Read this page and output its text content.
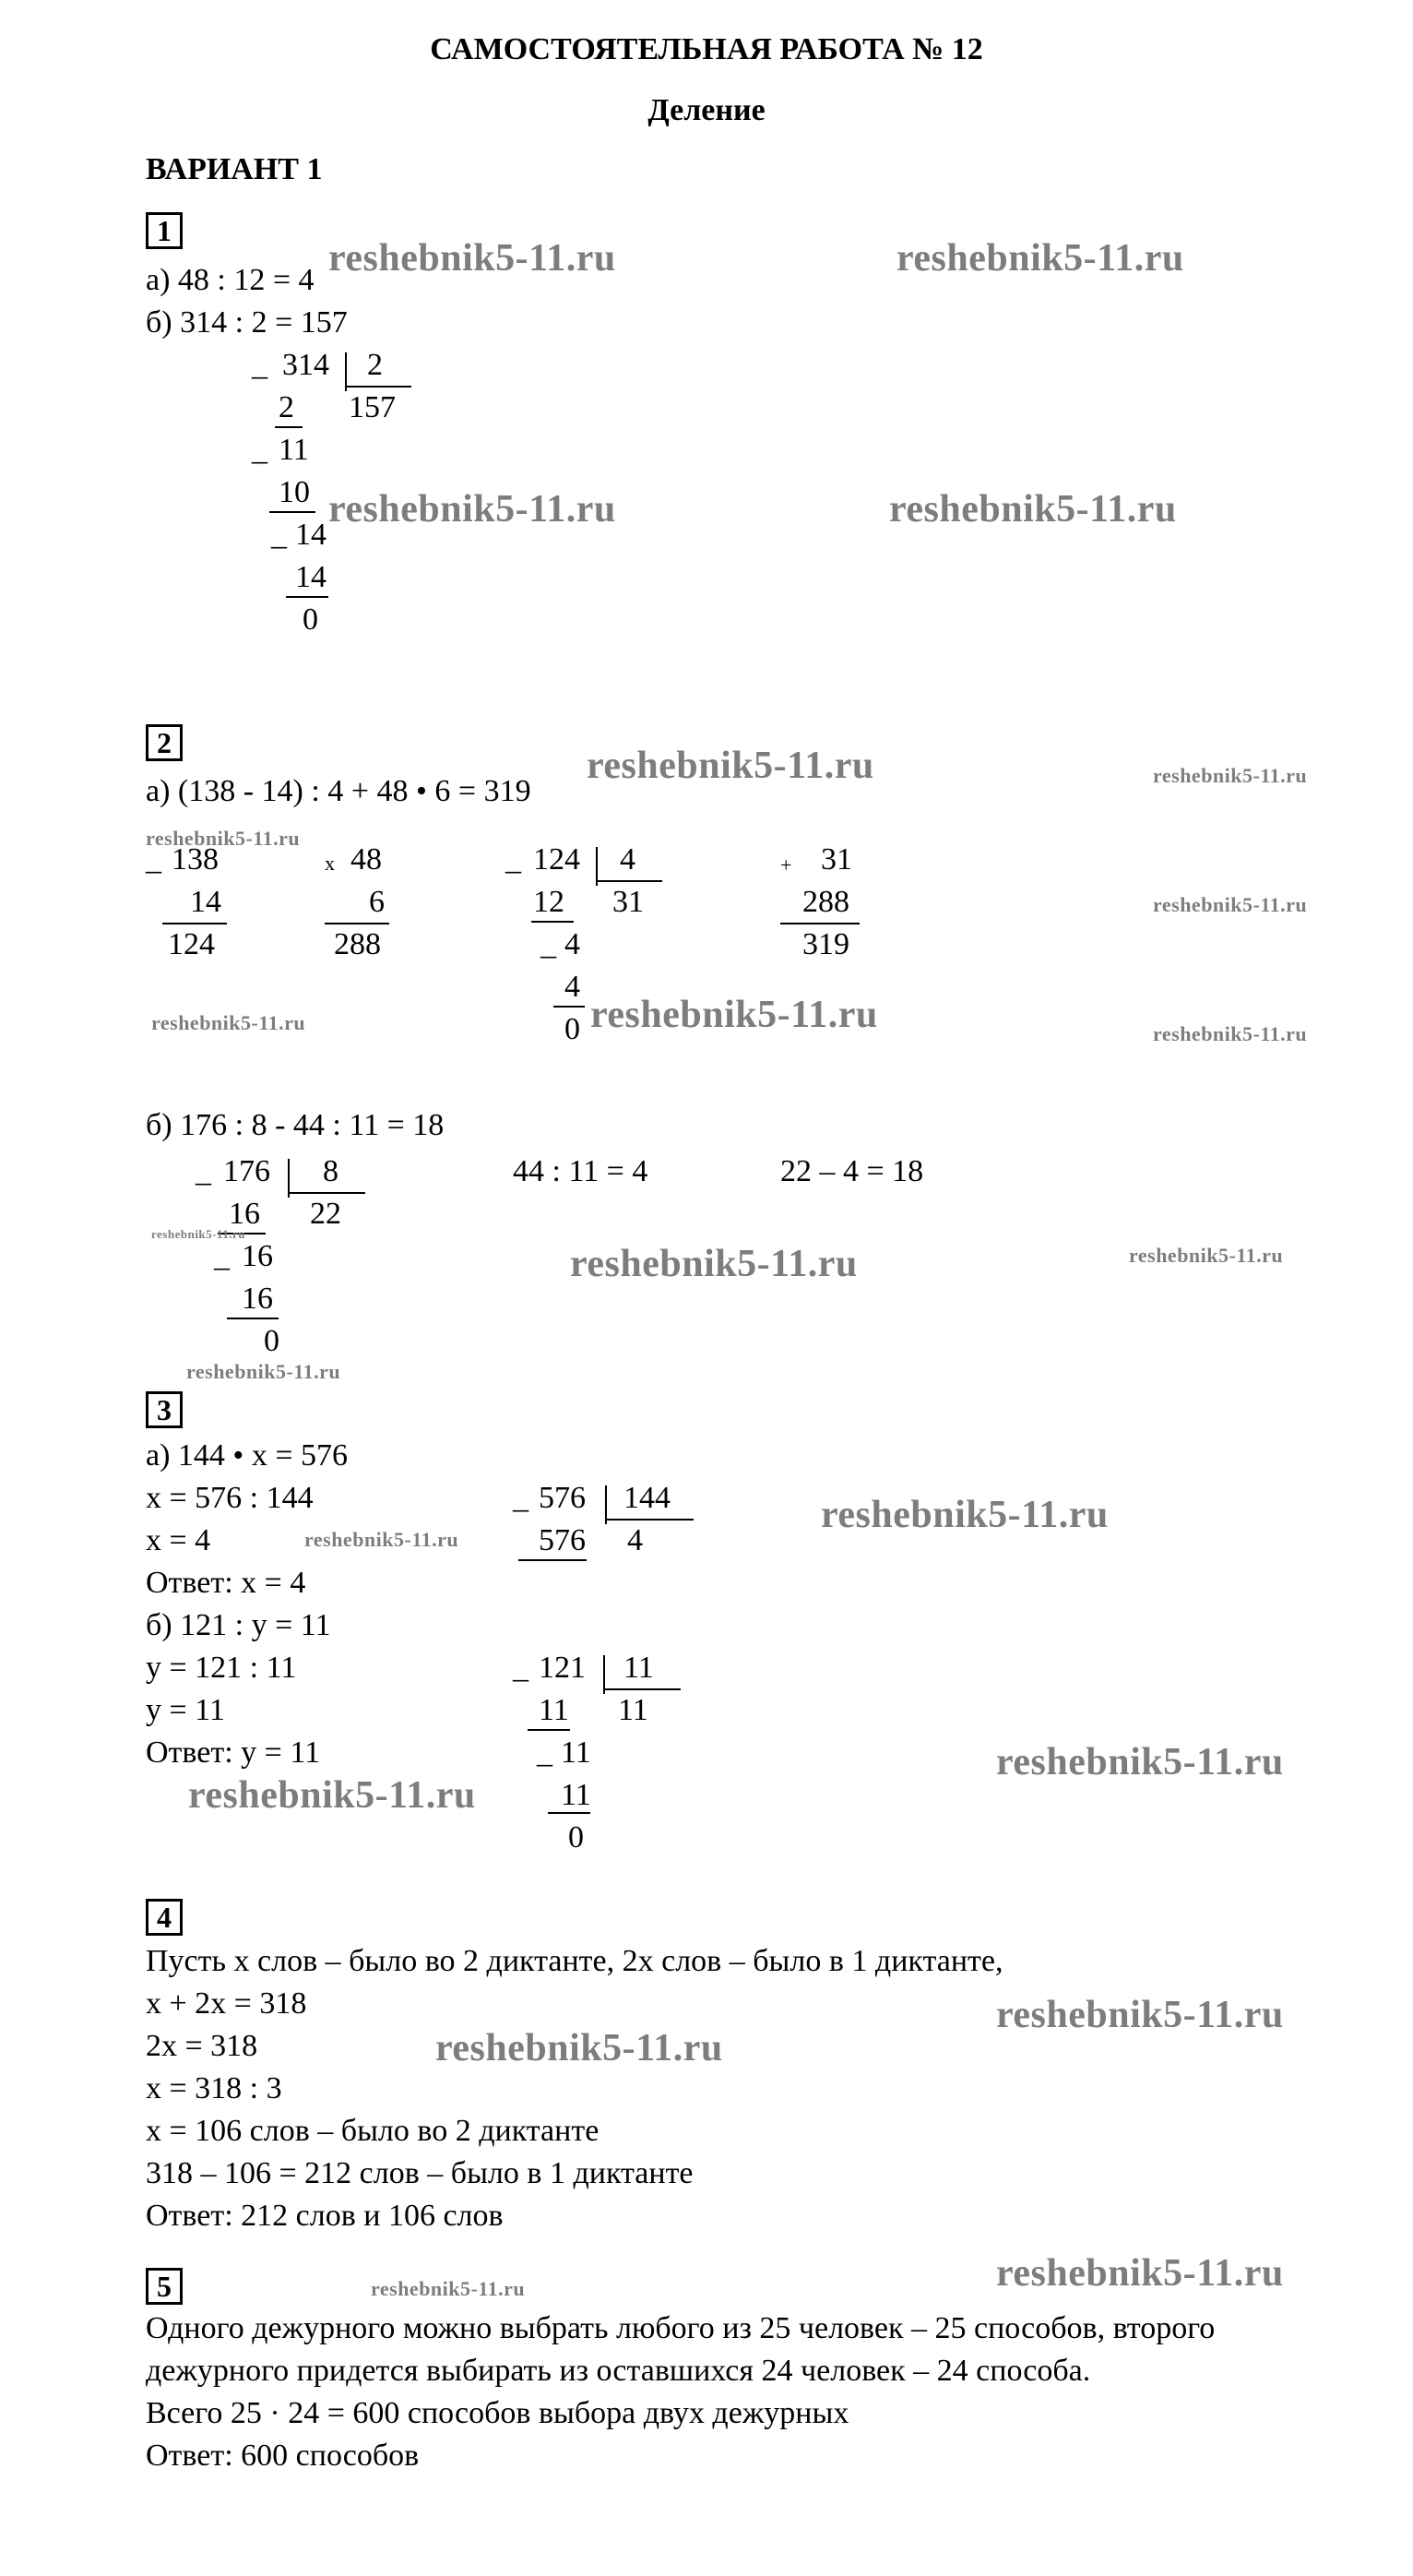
САМОСТОЯТЕЛЬНАЯ РАБОТА № 12
Деление
ВАРИАНТ 1
1
а) 48 : 12 = 4
б) 314 : 2 = 157
_ 314 2
157
2
_ 11
10
_ 14
14
0
2
а) (138 - 14) : 4 + 48 • 6 = 319
_ 138
14
124
x 48
6
288
_ 124 4
31
12
_ 4
4
0
+ 31
288
319
б) 176 : 8 - 44 : 11 = 18
_ 176 8
22
16
_ 16
16
0
44 : 11 = 4	22 – 4 = 18
3
а) 144 • x = 576
x = 576 : 144
x = 4
Ответ: x = 4
_ 576 144
4
576
б) 121 : y = 11
y = 121 : 11
y = 11
Ответ: y = 11
_ 121 11
11
11
_ 11
11
0
4
Пусть x слов – было во 2 диктанте, 2x слов – было в 1 диктанте,
x + 2x = 318
2x = 318
x = 318 : 3
x = 106 слов – было во 2 диктанте
318 – 106 = 212 слов – было в 1 диктанте
Ответ: 212 слов и 106 слов
5
Одного дежурного можно выбрать любого из 25 человек – 25 способов, второго
дежурного придется выбирать из оставшихся 24 человек – 24 способа.
Всего 25 · 24 = 600 способов выбора двух дежурных
Ответ: 600 способов
reshebnik5-11.ru	reshebnik5-11.ru
reshebnik5-11.ru	reshebnik5-11.ru
reshebnik5-11.ru	reshebnik5-11.ru
reshebnik5-11.ru
reshebnik5-11.ru
reshebnik5-11.ru	reshebnik5-11.ru	reshebnik5-11.ru
reshebnik5-11.ru
reshebnik5-11.ru	reshebnik5-11.ru
reshebnik5-11.ru
reshebnik5-11.ru
reshebnik5-11.ru
reshebnik5-11.ru
reshebnik5-11.ru
reshebnik5-11.ru
reshebnik5-11.ru
reshebnik5-11.ru
reshebnik5-11.ru
